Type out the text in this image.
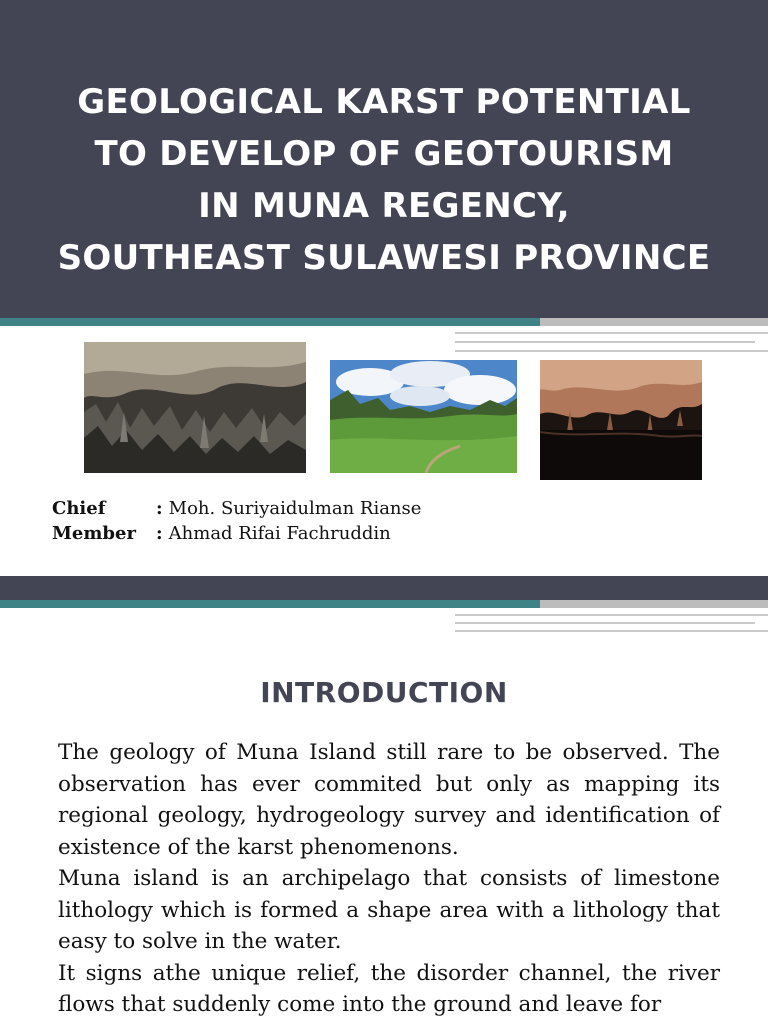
GEOLOGICAL KARST POTENTIAL
TO DEVELOP OF GEOTOURISM
IN MUNA REGENCY,
SOUTHEAST SULAWESI PROVINCE
Chief	: Moh. Suriyaidulman Rianse
Member	: Ahmad Rifai Fachruddin
INTRODUCTION

The geology of Muna Island still rare to be observed. The observation has ever commited but only as mapping its regional geology, hydrogeology survey and identification of existence of the karst phenomenons.

Muna island is an archipelago that consists of limestone lithology which is formed a shape area with a lithology that easy to solve in the water.

It signs athe unique relief, the disorder channel, the river flows that suddenly come into the ground and leave for
